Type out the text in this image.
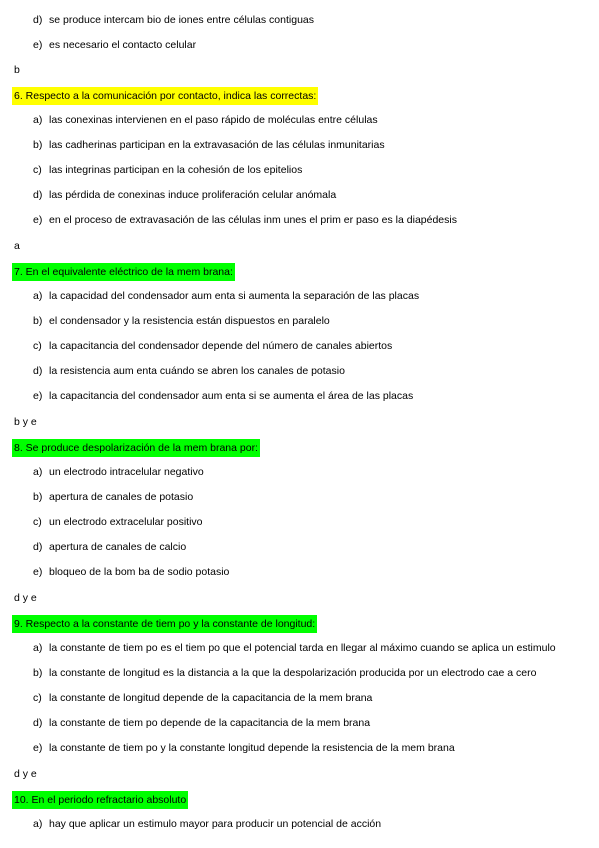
d) se produce intercam bio de iones entre células contiguas
e) es necesario el contacto celular
b
6. Respecto a la comunicación por contacto, indica las correctas:
a) las conexinas intervienen en el paso rápido de moléculas entre células
b) las cadherinas participan en la extravasación de las células inmunitarias
c) las integrinas participan en la cohesión de los epitelios
d) las pérdida de conexinas induce proliferación celular anómala
e) en el proceso de extravasación de las células inm unes el prim er paso es la diapédesis
a
7. En el equivalente eléctrico de la mem brana:
a) la capacidad del condensador aum enta si aumenta la separación de las placas
b) el condensador y la resistencia están dispuestos en paralelo
c) la capacitancia del condensador depende del número de canales abiertos
d) la resistencia aum enta cuándo se abren los canales de potasio
e) la capacitancia del condensador aum enta si se aumenta el área de las placas
b y e
8. Se produce despolarización de la mem brana por:
a) un electrodo intracelular negativo
b) apertura de canales de potasio
c) un electrodo extracelular positivo
d) apertura de canales de calcio
e) bloqueo de la bom ba de sodio potasio
d y e
9. Respecto a la constante de tiem po y la constante de longitud:
a) la constante de tiem po es el tiem po que el potencial tarda en llegar al máximo cuando se aplica un estimulo
b) la constante de longitud es la distancia a la que la despolarización producida por un electrodo cae a cero
c) la constante de longitud depende de la capacitancia de la mem brana
d) la constante de tiem po depende de la capacitancia de la mem brana
e) la constante de tiem po y la constante longitud depende la resistencia de la mem brana
d y e
10. En el periodo refractario absoluto
a) hay que aplicar un estimulo mayor para producir un potencial de acción
